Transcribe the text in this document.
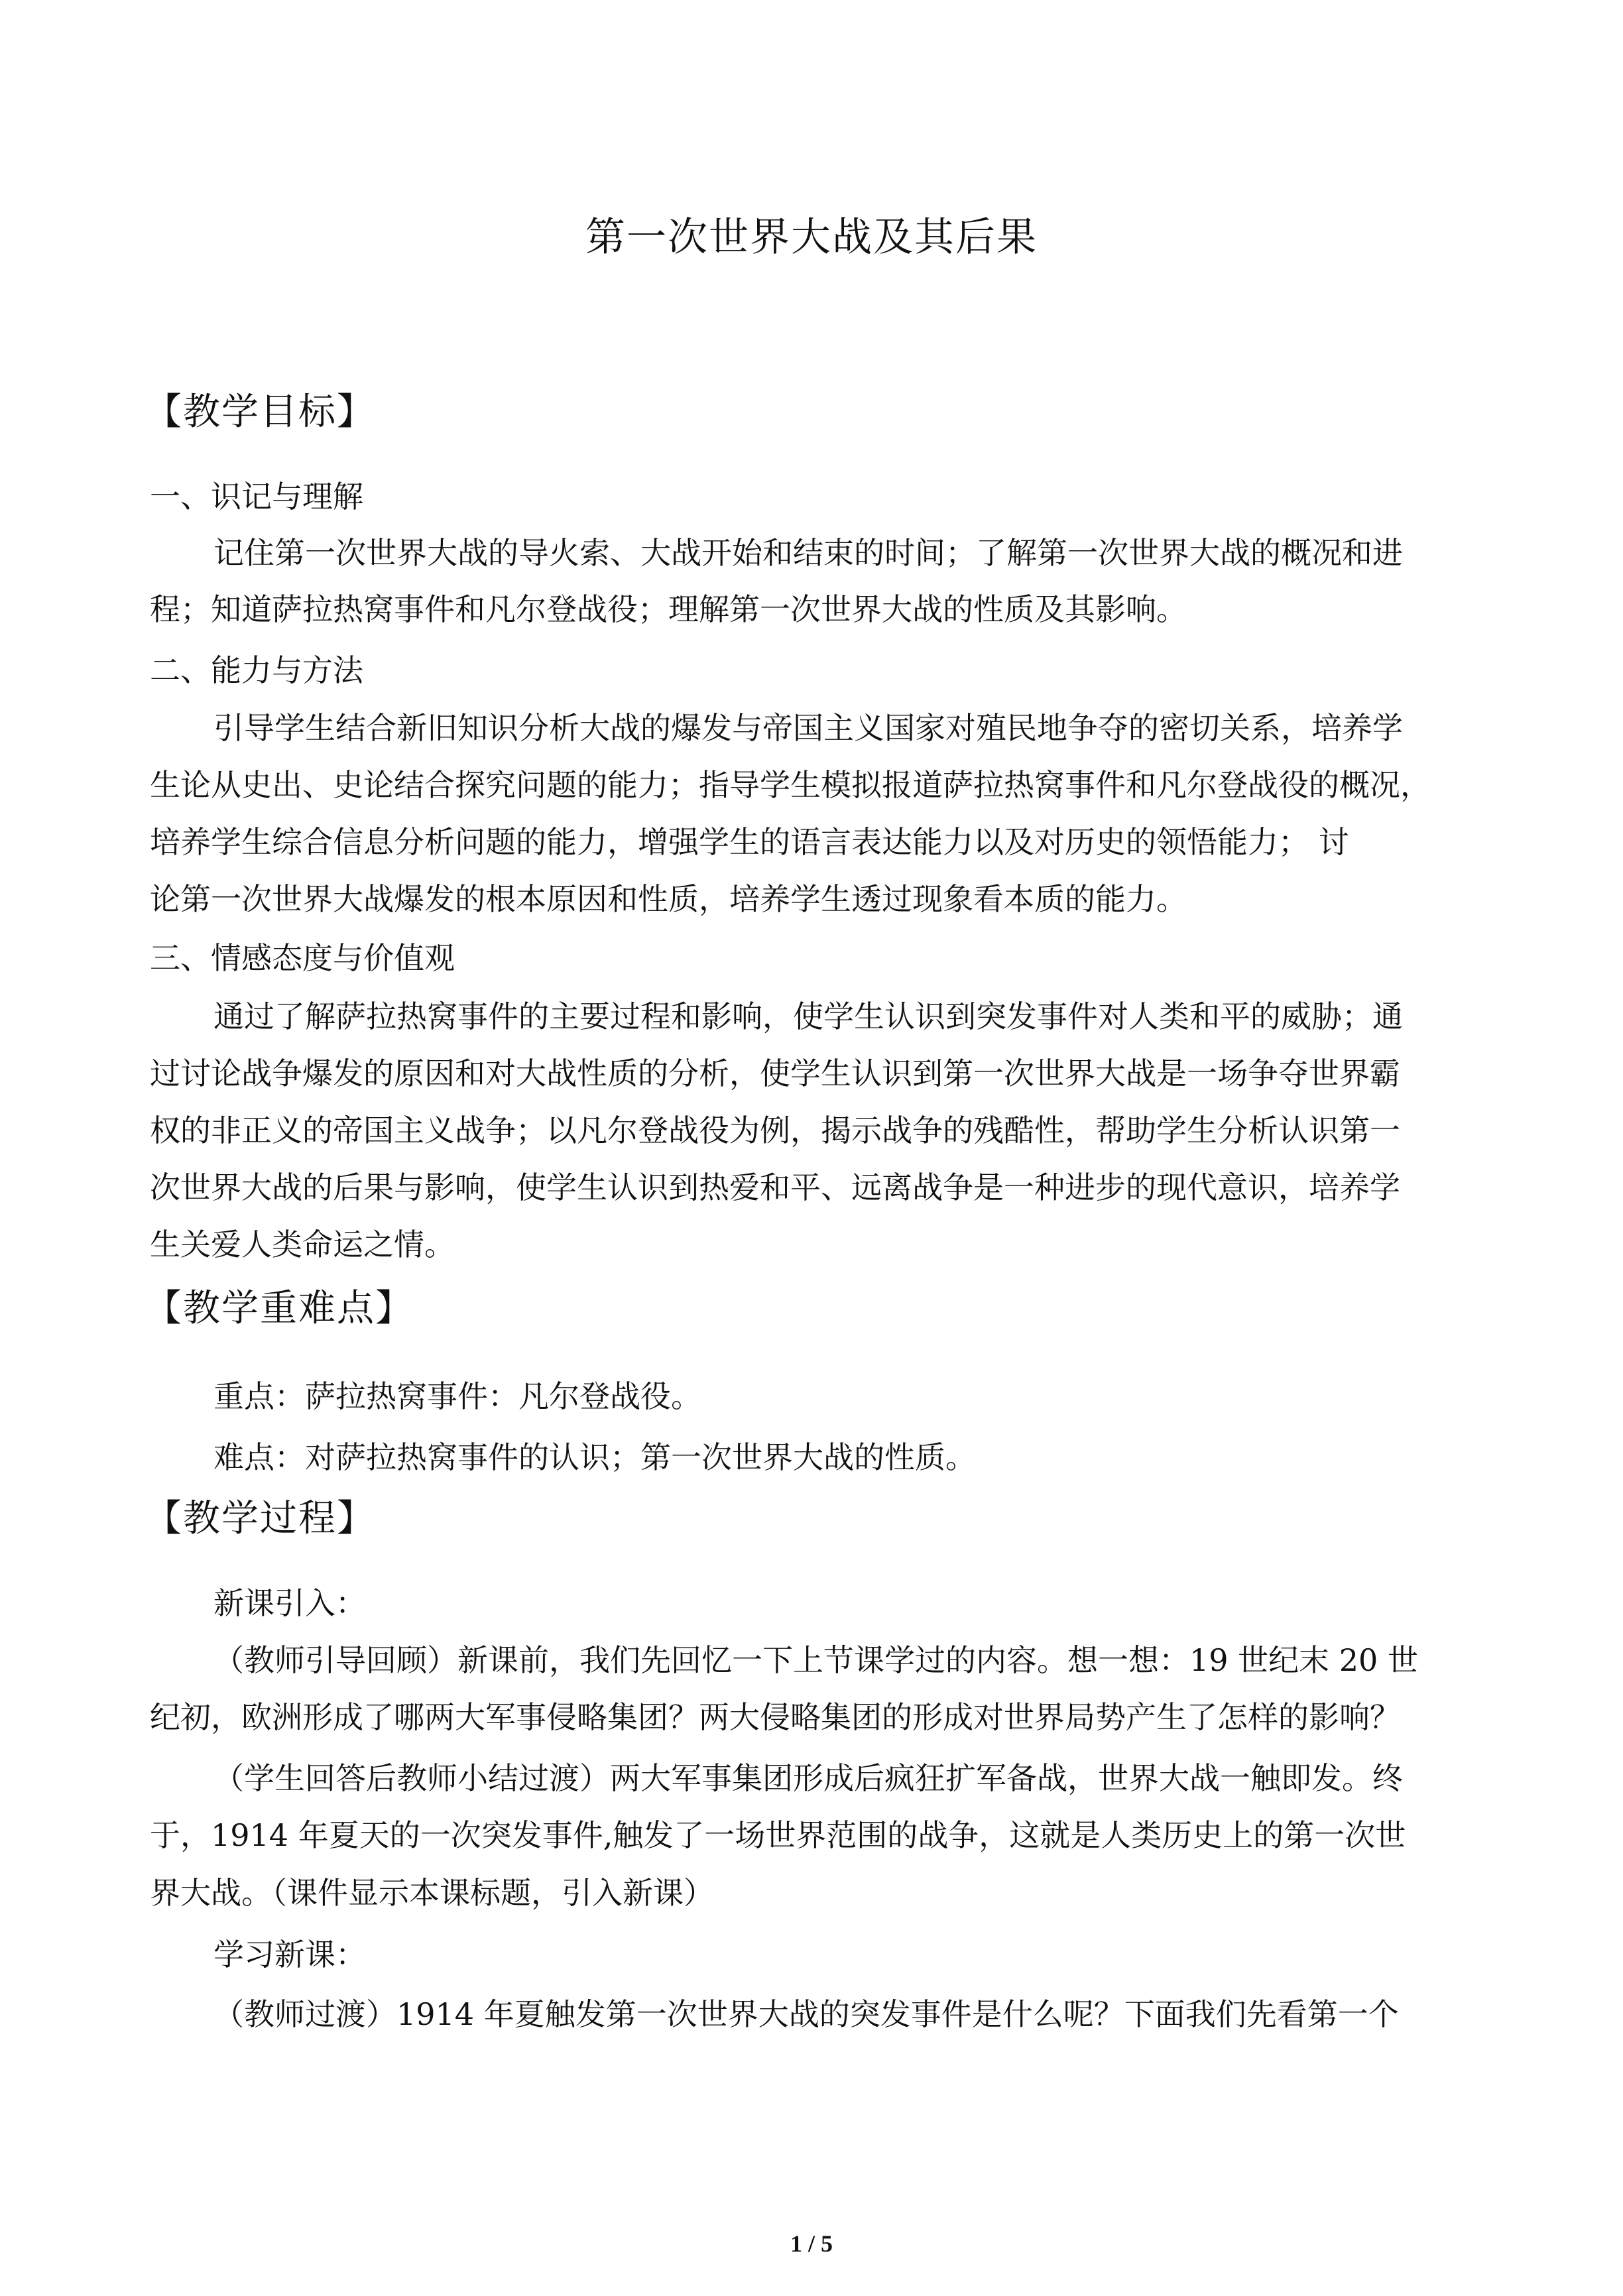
第一次世界大战及其后果
【教学目标】
一、识记与理解
记住第一次世界大战的导火索、大战开始和结束的时间；了解第一次世界大战的概况和进
程；知道萨拉热窝事件和凡尔登战役；理解第一次世界大战的性质及其影响。
二、能力与方法
引导学生结合新旧知识分析大战的爆发与帝国主义国家对殖民地争夺的密切关系，培养学
生论从史出、史论结合探究问题的能力；指导学生模拟报道萨拉热窝事件和凡尔登战役的概况，
培养学生综合信息分析问题的能力，增强学生的语言表达能力以及对历史的领悟能力； 讨
论第一次世界大战爆发的根本原因和性质，培养学生透过现象看本质的能力。
三、情感态度与价值观
通过了解萨拉热窝事件的主要过程和影响，使学生认识到突发事件对人类和平的威胁；通
过讨论战争爆发的原因和对大战性质的分析，使学生认识到第一次世界大战是一场争夺世界霸
权的非正义的帝国主义战争；以凡尔登战役为例，揭示战争的残酷性，帮助学生分析认识第一
次世界大战的后果与影响，使学生认识到热爱和平、远离战争是一种进步的现代意识，培养学
生关爱人类命运之情。
【教学重难点】
重点：萨拉热窝事件：凡尔登战役。
难点：对萨拉热窝事件的认识；第一次世界大战的性质。
【教学过程】
新课引入：
（教师引导回顾）新课前，我们先回忆一下上节课学过的内容。想一想：19 世纪末 20 世
纪初，欧洲形成了哪两大军事侵略集团？两大侵略集团的形成对世界局势产生了怎样的影响？
（学生回答后教师小结过渡）两大军事集团形成后疯狂扩军备战，世界大战一触即发。终
于，1914 年夏天的一次突发事件,触发了一场世界范围的战争，这就是人类历史上的第一次世
界大战。（课件显示本课标题，引入新课）
学习新课：
（教师过渡）1914 年夏触发第一次世界大战的突发事件是什么呢？下面我们先看第一个
1 / 5
